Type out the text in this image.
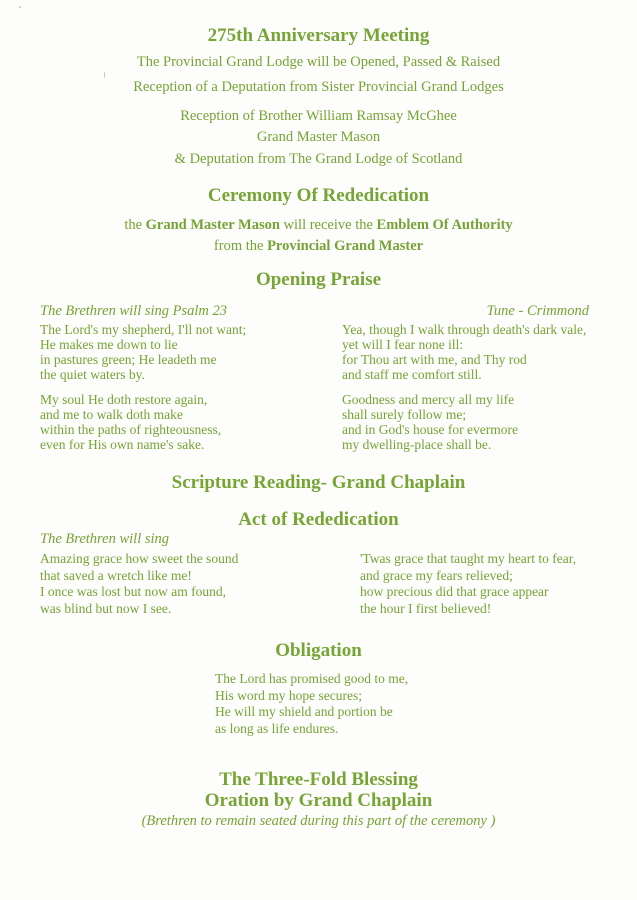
275th Anniversary Meeting
The Provincial Grand Lodge will be Opened, Passed & Raised
Reception of a Deputation from Sister Provincial Grand Lodges
Reception of Brother William Ramsay McGhee
Grand Master Mason
& Deputation from The Grand Lodge of Scotland
Ceremony Of Rededication
the Grand Master Mason will receive the Emblem Of Authority
from the Provincial Grand Master
Opening Praise
The Brethren will sing Psalm 23	Tune - Crimmond
The Lord's my shepherd, I'll not want;
He makes me down to lie
in pastures green; He leadeth me
the quiet waters by.
My soul He doth restore again,
and me to walk doth make
within the paths of righteousness,
even for His own name's sake.
Yea, though I walk through death's dark vale,
yet will I fear none ill:
for Thou art with me, and Thy rod
and staff me comfort still.
Goodness and mercy all my life
shall surely follow me;
and in God's house for evermore
my dwelling-place shall be.
Scripture Reading- Grand Chaplain
Act of Rededication
The Brethren will sing
Amazing grace how sweet the sound
that saved a wretch like me!
I once was lost but now am found,
was blind but now I see.
'Twas grace that taught my heart to fear,
and grace my fears relieved;
how precious did that grace appear
the hour I first believed!
Obligation
The Lord has promised good to me,
His word my hope secures;
He will my shield and portion be
as long as life endures.
The Three-Fold Blessing
Oration by Grand Chaplain
(Brethren to remain seated during this part of the ceremony )
